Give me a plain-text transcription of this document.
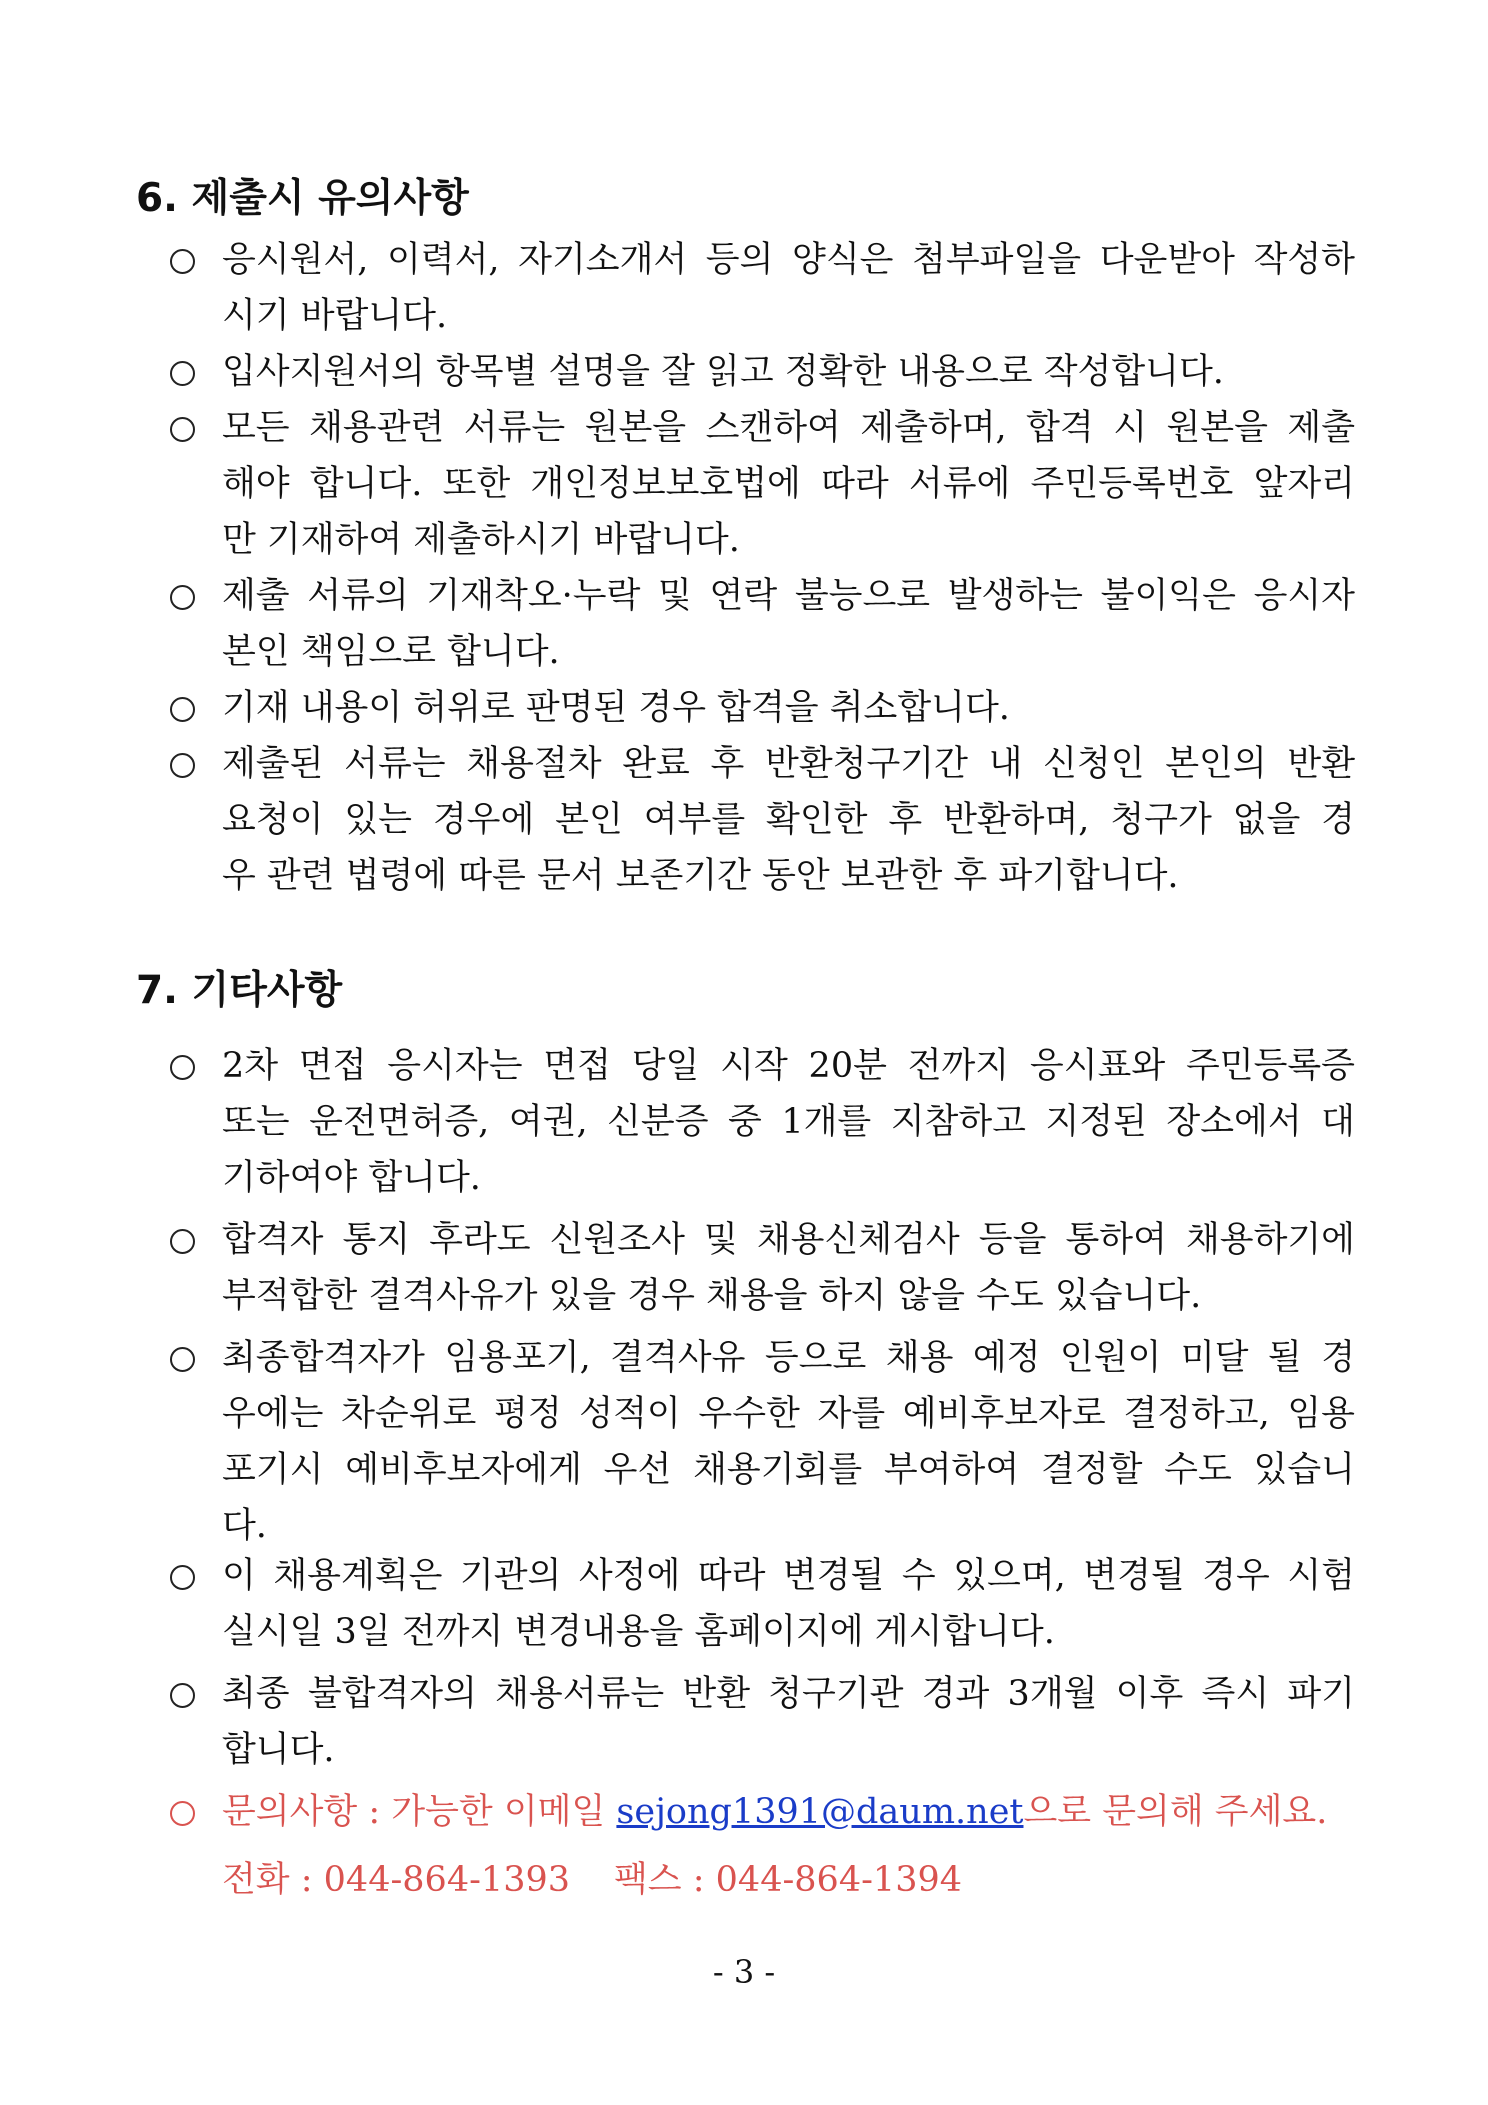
6. 제출시 유의사항
응시원서, 이력서, 자기소개서 등의 양식은 첨부파일을 다운받아 작성하
시기 바랍니다.
입사지원서의 항목별 설명을 잘 읽고 정확한 내용으로 작성합니다.
모든 채용관련 서류는 원본을 스캔하여 제출하며, 합격 시 원본을 제출
해야 합니다. 또한 개인정보보호법에 따라 서류에 주민등록번호 앞자리
만 기재하여 제출하시기 바랍니다.
제출 서류의 기재착오·누락 및 연락 불능으로 발생하는 불이익은 응시자
본인 책임으로 합니다.
기재 내용이 허위로 판명된 경우 합격을 취소합니다.
제출된 서류는 채용절차 완료 후 반환청구기간 내 신청인 본인의 반환
요청이 있는 경우에 본인 여부를 확인한 후 반환하며, 청구가 없을 경
우 관련 법령에 따른 문서 보존기간 동안 보관한 후 파기합니다.
7. 기타사항
2차 면접 응시자는 면접 당일 시작 20분 전까지 응시표와 주민등록증
또는 운전면허증, 여권, 신분증 중 1개를 지참하고 지정된 장소에서 대
기하여야 합니다.
합격자 통지 후라도 신원조사 및 채용신체검사 등을 통하여 채용하기에
부적합한 결격사유가 있을 경우 채용을 하지 않을 수도 있습니다.
최종합격자가 임용포기, 결격사유 등으로 채용 예정 인원이 미달 될 경
우에는 차순위로 평정 성적이 우수한 자를 예비후보자로 결정하고, 임용
포기시 예비후보자에게 우선 채용기회를 부여하여 결정할 수도 있습니
다.
이 채용계획은 기관의 사정에 따라 변경될 수 있으며, 변경될 경우 시험
실시일 3일 전까지 변경내용을 홈페이지에 게시합니다.
최종 불합격자의 채용서류는 반환 청구기관 경과 3개월 이후 즉시 파기
합니다.
문의사항 : 가능한 이메일 sejong1391@daum.net으로 문의해 주세요.
전화 : 044-864-1393 팩스 : 044-864-1394
- 3 -
